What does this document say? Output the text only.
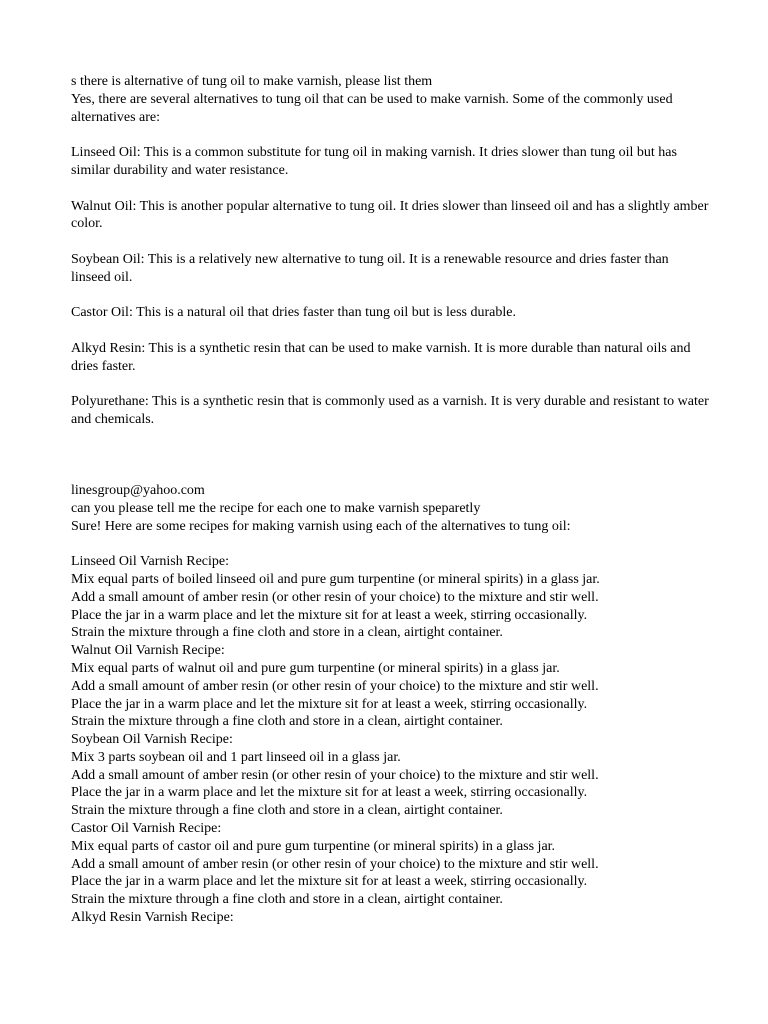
s there is alternative of tung oil to make varnish, please list them

Yes, there are several alternatives to tung oil that can be used to make varnish. Some of the commonly used alternatives are:

Linseed Oil: This is a common substitute for tung oil in making varnish. It dries slower than tung oil but has similar durability and water resistance.

Walnut Oil: This is another popular alternative to tung oil. It dries slower than linseed oil and has a slightly amber color.

Soybean Oil: This is a relatively new alternative to tung oil. It is a renewable resource and dries faster than linseed oil.

Castor Oil: This is a natural oil that dries faster than tung oil but is less durable.

Alkyd Resin: This is a synthetic resin that can be used to make varnish. It is more durable than natural oils and dries faster.

Polyurethane: This is a synthetic resin that is commonly used as a varnish. It is very durable and resistant to water and chemicals.

linesgroup@yahoo.com

can you please tell me the recipe for each one to make varnish speparetly

Sure! Here are some recipes for making varnish using each of the alternatives to tung oil:

Linseed Oil Varnish Recipe:

Mix equal parts of boiled linseed oil and pure gum turpentine (or mineral spirits) in a glass jar.

Add a small amount of amber resin (or other resin of your choice) to the mixture and stir well.

Place the jar in a warm place and let the mixture sit for at least a week, stirring occasionally.

Strain the mixture through a fine cloth and store in a clean, airtight container.

Walnut Oil Varnish Recipe:

Mix equal parts of walnut oil and pure gum turpentine (or mineral spirits) in a glass jar.

Add a small amount of amber resin (or other resin of your choice) to the mixture and stir well.

Place the jar in a warm place and let the mixture sit for at least a week, stirring occasionally.

Strain the mixture through a fine cloth and store in a clean, airtight container.

Soybean Oil Varnish Recipe:

Mix 3 parts soybean oil and 1 part linseed oil in a glass jar.

Add a small amount of amber resin (or other resin of your choice) to the mixture and stir well.

Place the jar in a warm place and let the mixture sit for at least a week, stirring occasionally.

Strain the mixture through a fine cloth and store in a clean, airtight container.

Castor Oil Varnish Recipe:

Mix equal parts of castor oil and pure gum turpentine (or mineral spirits) in a glass jar.

Add a small amount of amber resin (or other resin of your choice) to the mixture and stir well.

Place the jar in a warm place and let the mixture sit for at least a week, stirring occasionally.

Strain the mixture through a fine cloth and store in a clean, airtight container.

Alkyd Resin Varnish Recipe:
